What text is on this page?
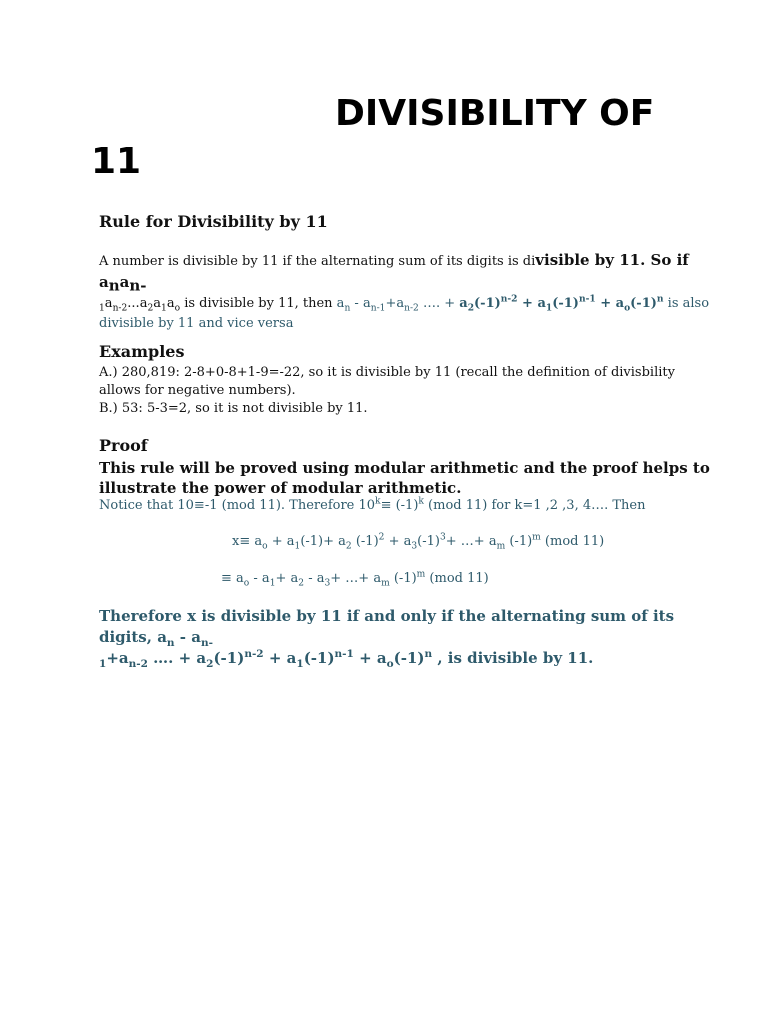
DIVISIBILITY OF
11
Rule for Divisibility by 11

A number is divisible by 11 if the alternating sum of its digits is divisible by 11. So if $a_na_{n-}$
$_1a_{n-2}...a_2a_1a_o$ is divisible by 11, then $a_n - a_{n-1}+a_{n-2}$ …. + $a_2(-1)^{n-2} + a_1(-1)^{n-1} + a_o(-1)^n$ is also divisible by 11 and vice versa

Examples

A.) 280,819: 2-8+0-8+1-9=-22, so it is divisible by 11 (recall the definition of divisbility allows for negative numbers).

B.) 53: 5-3=2, so it is not divisible by 11.

Proof

This rule will be proved using modular arithmetic and the proof helps to illustrate the power of modular arithmetic.

Notice that 10≡-1 (mod 11). Therefore $10^k\equiv (-1)^k$ (mod 11) for k=1 ,2 ,3, 4…. Then

$x\equiv a_o + a_1(-1)+ a_2$ $(-1)^2 + a_3(-1)^3+$ …+ $a_m$ $(-1)^m$ (mod 11)
≡ $a_o - a_1+ a_2 - a_3+$ …+ $a_m$ $(-1)^m$ (mod 11)

Therefore x is divisible by 11 if and only if the alternating sum of its digits, $a_n - a_{n-}$
$_1+a_{n-2}$ …. + $a_2(-1)^{n-2} + a_1(-1)^{n-1} + a_o(-1)^n$ , is divisible by 11.
